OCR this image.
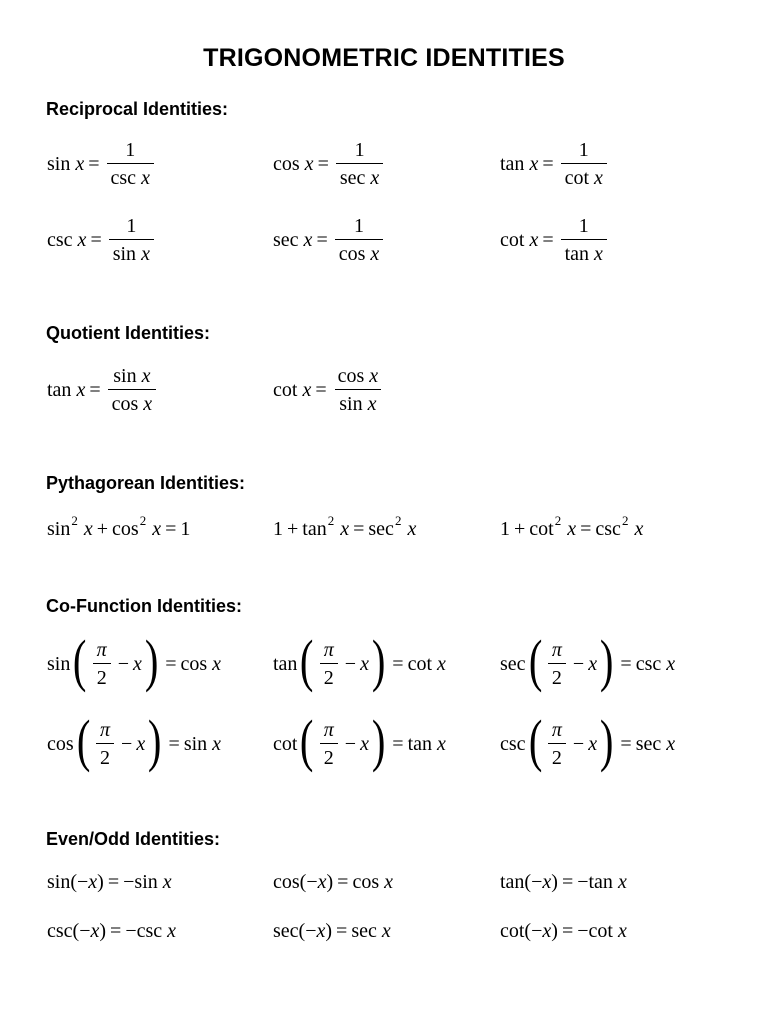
TRIGONOMETRIC IDENTITIES
Reciprocal Identities:
$\sin x = \frac{1}{\text{csc x}}$	$\cos x = \frac{1}{\text{sec x}}$	$\tan x = \frac{1}{\text{cot x}}$
$\csc x = \frac{1}{\text{sin x}}$	$\sec x = \frac{1}{\text{cos x}}$	$\cot x = \frac{1}{\text{tan x}}$
Quotient Identities:
$\tan x = \frac{\text{sin x}}{\text{cos x}}$	$\cot x = \frac{\text{cos x}}{\text{sin x}}$
Pythagorean Identities:
sin 2 x + cos 2 x = 1	1 + tan 2 x = sec 2 x	1 + cot 2 x = csc 2 x
Co-Function Identities:
sin ( $\frac{\pi}{2} - x$ ) = cos x	tan ( $\frac{\pi}{2} - x$ ) = cot x	sec ( $\frac{\pi}{2} - x$ ) = csc x
cos ( $\frac{\pi}{2} - x$ ) = sin x	cot ( $\frac{\pi}{2} - x$ ) = tan x	csc ( $\frac{\pi}{2} - x$ ) = sec x
Even/Odd Identities:
sin(− x ) = −sin x	cos(− x ) = cos x	tan(− x ) = −tan x
csc(− x ) = −csc x	sec(− x ) = sec x	cot(− x ) = −cot x
